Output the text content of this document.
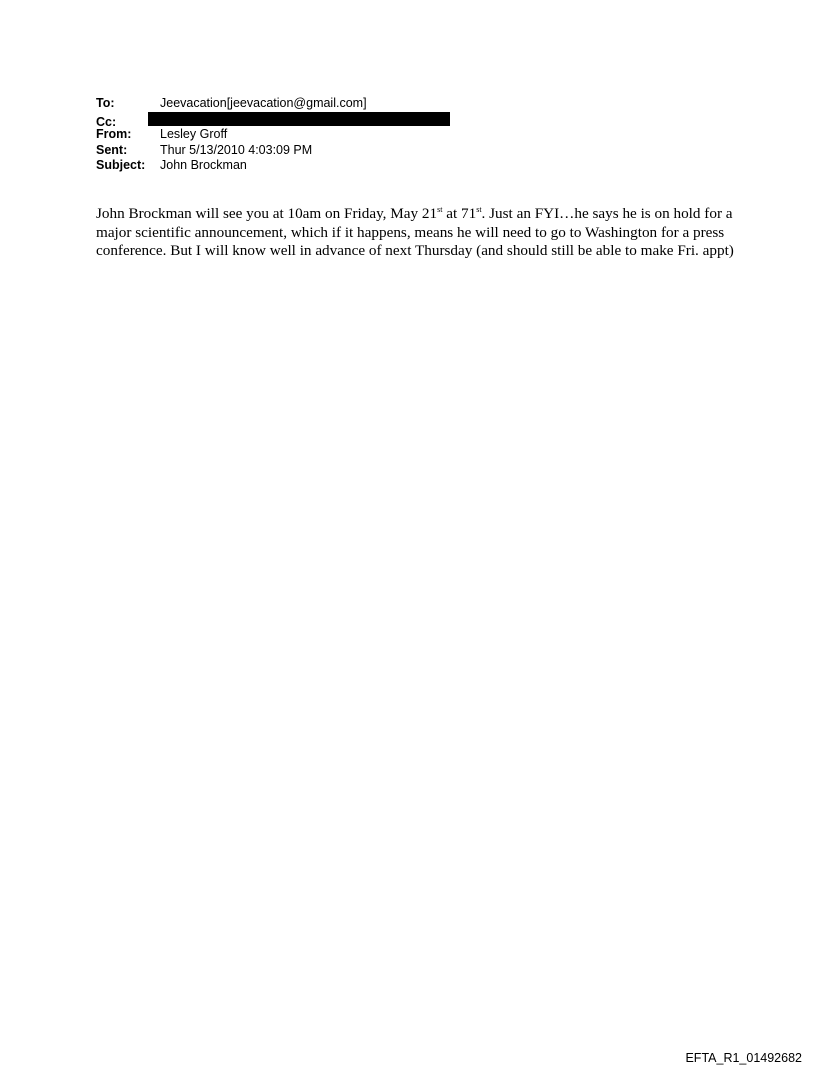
To:	Jeevacation[jeevacation@gmail.com]
Cc:
From:	Lesley Groff
Sent:	Thur 5/13/2010 4:03:09 PM
Subject:	John Brockman

John Brockman will see you at 10am on Friday, May 21st at 71st. Just an FYI…he says he is on hold for a major scientific announcement, which if it happens, means he will need to go to Washington for a press conference. But I will know well in advance of next Thursday (and should still be able to make Fri. appt)

EFTA_R1_01492682
